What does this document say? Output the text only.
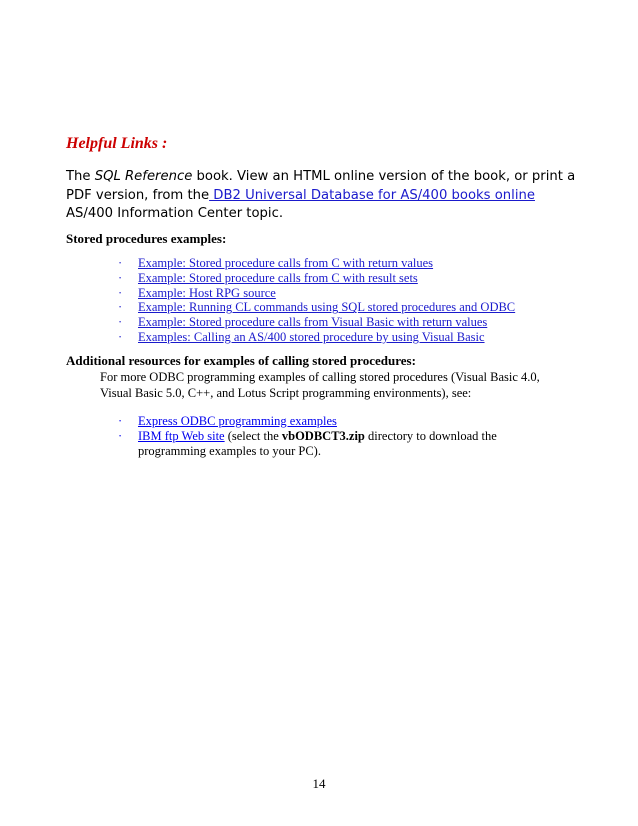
Helpful Links :
The SQL Reference book. View an HTML online version of the book, or print a PDF version, from the DB2 Universal Database for AS/400 books online AS/400 Information Center topic.
Stored procedures examples:
· Example: Stored procedure calls from C with return values
· Example: Stored procedure calls from C with result sets
· Example: Host RPG source
· Example: Running CL commands using SQL stored procedures and ODBC
· Example: Stored procedure calls from Visual Basic with return values
· Examples: Calling an AS/400 stored procedure by using Visual Basic
Additional resources for examples of calling stored procedures:
For more ODBC programming examples of calling stored procedures (Visual Basic 4.0, Visual Basic 5.0, C++, and Lotus Script programming environments), see:
· Express ODBC programming examples
· IBM ftp Web site (select the vbODBCT3.zip directory to download the
programming examples to your PC).
14
